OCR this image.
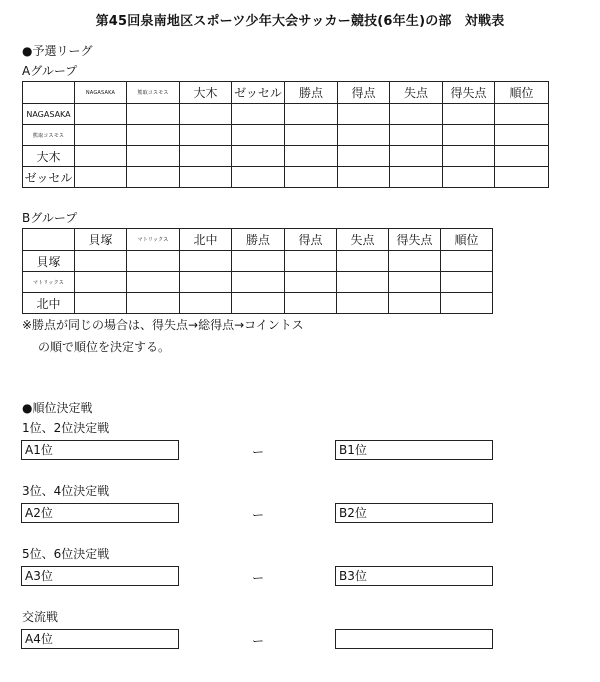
第45回泉南地区スポーツ少年大会サッカー競技(6年生)の部　対戦表
●予選リーグ
Aグループ
	NAGASAKA	熊取コスモス	大木	ゼッセル	勝点	得点	失点	得失点	順位
NAGASAKA									
熊取コスモス									
大木									
ゼッセル									
Bグループ
	貝塚	マトリックス	北中	勝点	得点	失点	得失点	順位
貝塚								
マトリックス								
北中								
※勝点が同じの場合は、得失点→総得点→コイントス
の順で順位を決定する。
●順位決定戦
1位、2位決定戦
A1位	ー	B1位
3位、4位決定戦
A2位	ー	B2位
5位、6位決定戦
A3位	ー	B3位
交流戦
A4位	ー
